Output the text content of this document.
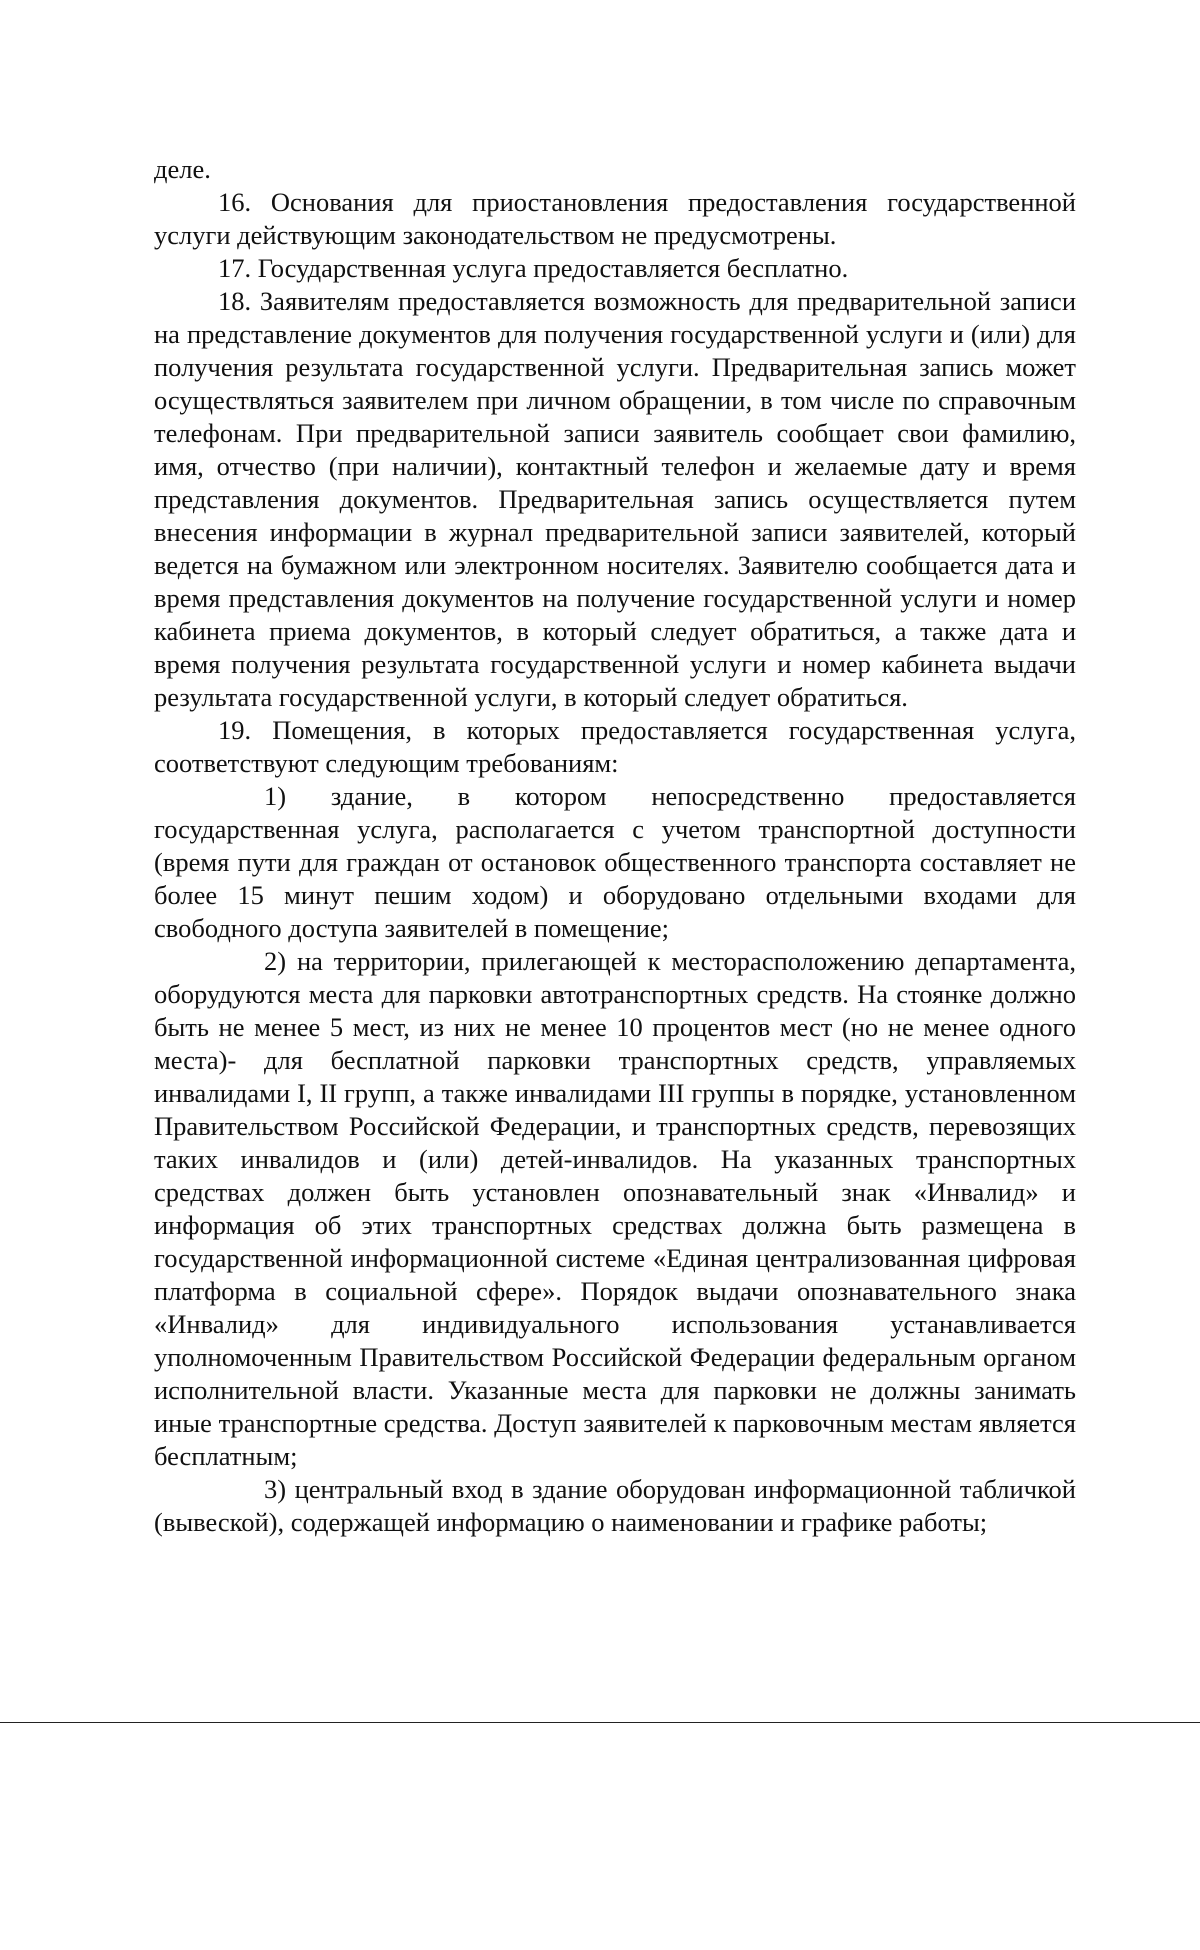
деле.

16. Основания для приостановления предоставления государственной услуги действующим законодательством не предусмотрены.

17. Государственная услуга предоставляется бесплатно.

18. Заявителям предоставляется возможность для предварительной записи на представление документов для получения государственной услуги и (или) для получения результата государственной услуги. Предварительная запись может осуществляться заявителем при личном обращении, в том числе по справочным телефонам. При предварительной записи заявитель сообщает свои фамилию, имя, отчество (при наличии), контактный телефон и желаемые дату и время представления документов. Предварительная запись осуществляется путем внесения информации в журнал предварительной записи заявителей, который ведется на бумажном или электронном носителях. Заявителю сообщается дата и время представления документов на получение государственной услуги и номер кабинета приема документов, в который следует обратиться, а также дата и время получения результата государственной услуги и номер кабинета выдачи результата государственной услуги, в который следует обратиться.

19. Помещения, в которых предоставляется государственная услуга, соответствуют следующим требованиям:

1) здание, в котором непосредственно предоставляется государственная услуга, располагается с учетом транспортной доступности (время пути для граждан от остановок общественного транспорта составляет не более 15 минут пешим ходом) и оборудовано отдельными входами для свободного доступа заявителей в помещение;

2) на территории, прилегающей к месторасположению департамента, оборудуются места для парковки автотранспортных средств. На стоянке должно быть не менее 5 мест, из них не менее 10 процентов мест (но не менее одного места)- для бесплатной парковки транспортных средств, управляемых инвалидами I, II групп, а также инвалидами III группы в порядке, установленном Правительством Российской Федерации, и транспортных средств, перевозящих таких инвалидов и (или) детей-инвалидов. На указанных транспортных средствах должен быть установлен опознавательный знак «Инвалид» и информация об этих транспортных средствах должна быть размещена в государственной информационной системе «Единая централизованная цифровая платформа в социальной сфере». Порядок выдачи опознавательного знака «Инвалид» для индивидуального использования устанавливается уполномоченным Правительством Российской Федерации федеральным органом исполнительной власти. Указанные места для парковки не должны занимать иные транспортные средства. Доступ заявителей к парковочным местам является бесплатным;

3) центральный вход в здание оборудован информационной табличкой (вывеской), содержащей информацию о наименовании и графике работы;
